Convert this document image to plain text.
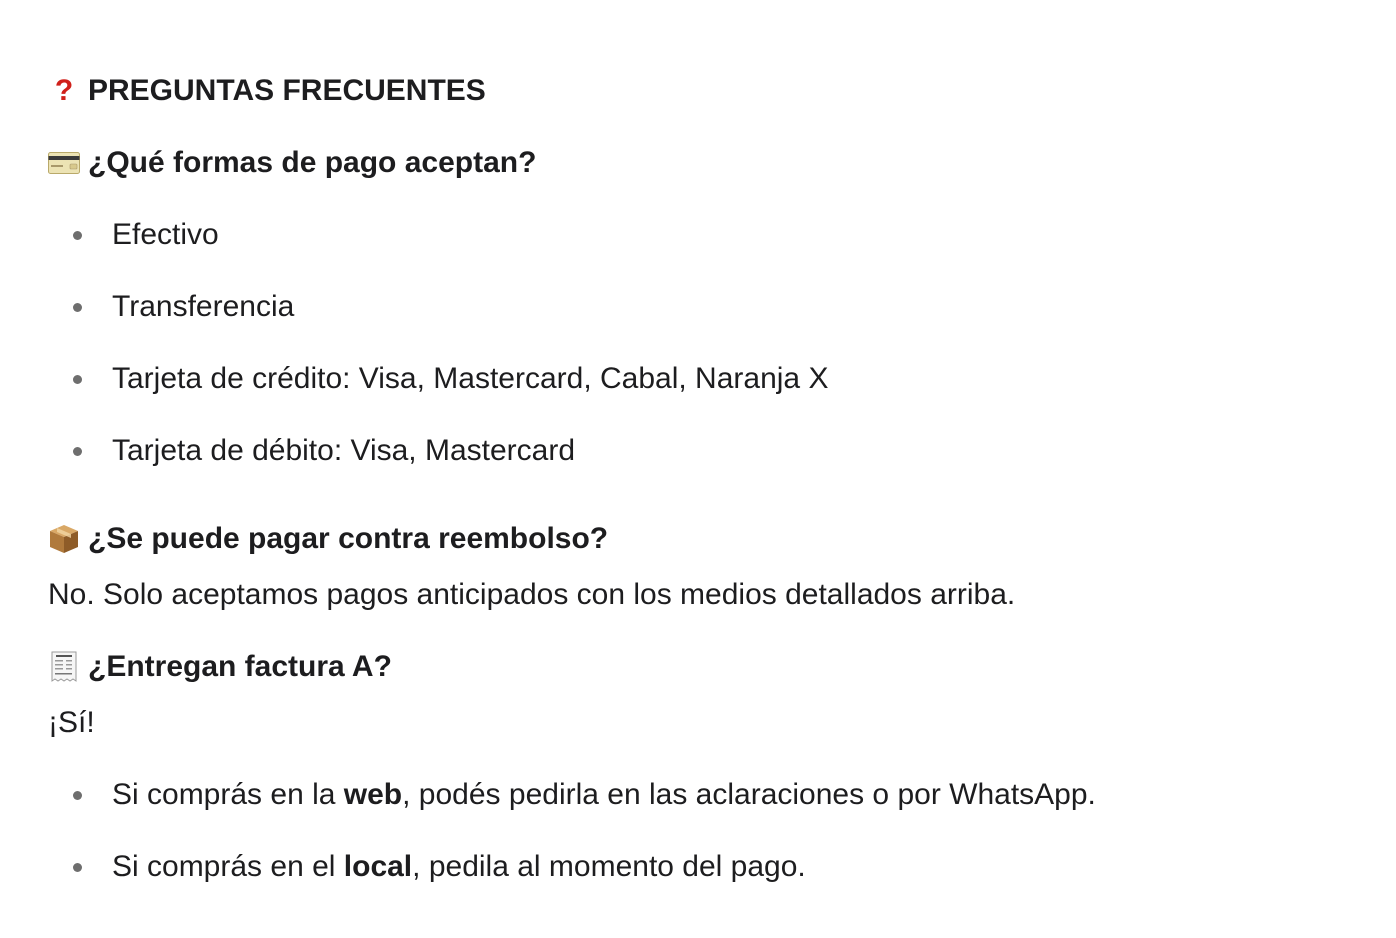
? PREGUNTAS FRECUENTES
¿Qué formas de pago aceptan?
Efectivo
Transferencia
Tarjeta de crédito: Visa, Mastercard, Cabal, Naranja X
Tarjeta de débito: Visa, Mastercard
¿Se puede pagar contra reembolso?
No. Solo aceptamos pagos anticipados con los medios detallados arriba.
¿Entregan factura A?
¡Sí!
Si comprás en la web, podés pedirla en las aclaraciones o por WhatsApp.
Si comprás en el local, pedila al momento del pago.
